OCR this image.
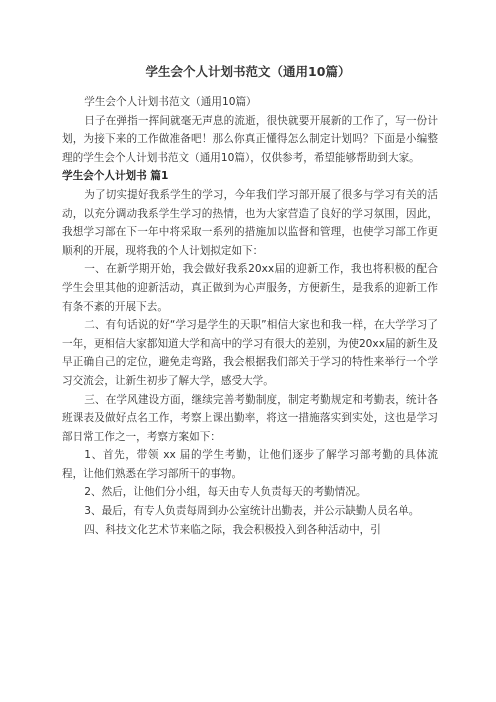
学生会个人计划书范文（通用10篇）

学生会个人计划书范文（通用10篇）

日子在弹指一挥间就毫无声息的流逝，很快就要开展新的工作了，写一份计划，为接下来的工作做准备吧！那么你真正懂得怎么制定计划吗？下面是小编整理的学生会个人计划书范文（通用10篇），仅供参考，希望能够帮助到大家。

学生会个人计划书 篇1

为了切实提好我系学生的学习，今年我们学习部开展了很多与学习有关的活动，以充分调动我系学生学习的热情，也为大家营造了良好的学习氛围，因此，我想学习部在下一年中将采取一系列的措施加以监督和管理，也使学习部工作更顺利的开展，现将我的个人计划拟定如下：

一、在新学期开始，我会做好我系20xx届的迎新工作，我也将积极的配合学生会里其他的迎新活动，真正做到为心声服务，方便新生，是我系的迎新工作有条不紊的开展下去。

二、有句话说的好“学习是学生的天职”相信大家也和我一样，在大学学习了一年，更相信大家都知道大学和高中的学习有很大的差别，为使20xx届的新生及早正确自己的定位，避免走弯路，我会根据我们部关于学习的特性来举行一个学习交流会，让新生初步了解大学，感受大学。

三、在学风建设方面，继续完善考勤制度，制定考勤规定和考勤表，统计各班课表及做好点名工作，考察上课出勤率，将这一措施落实到实处，这也是学习部日常工作之一，考察方案如下：

1、首先，带领 xx 届的学生考勤，让他们逐步了解学习部考勤的具体流程，让他们熟悉在学习部所干的事物。

2、然后，让他们分小组，每天由专人负责每天的考勤情况。

3、最后，有专人负责每周到办公室统计出勤表，并公示缺勤人员名单。

四、科技文化艺术节来临之际，我会积极投入到各种活动中，引
